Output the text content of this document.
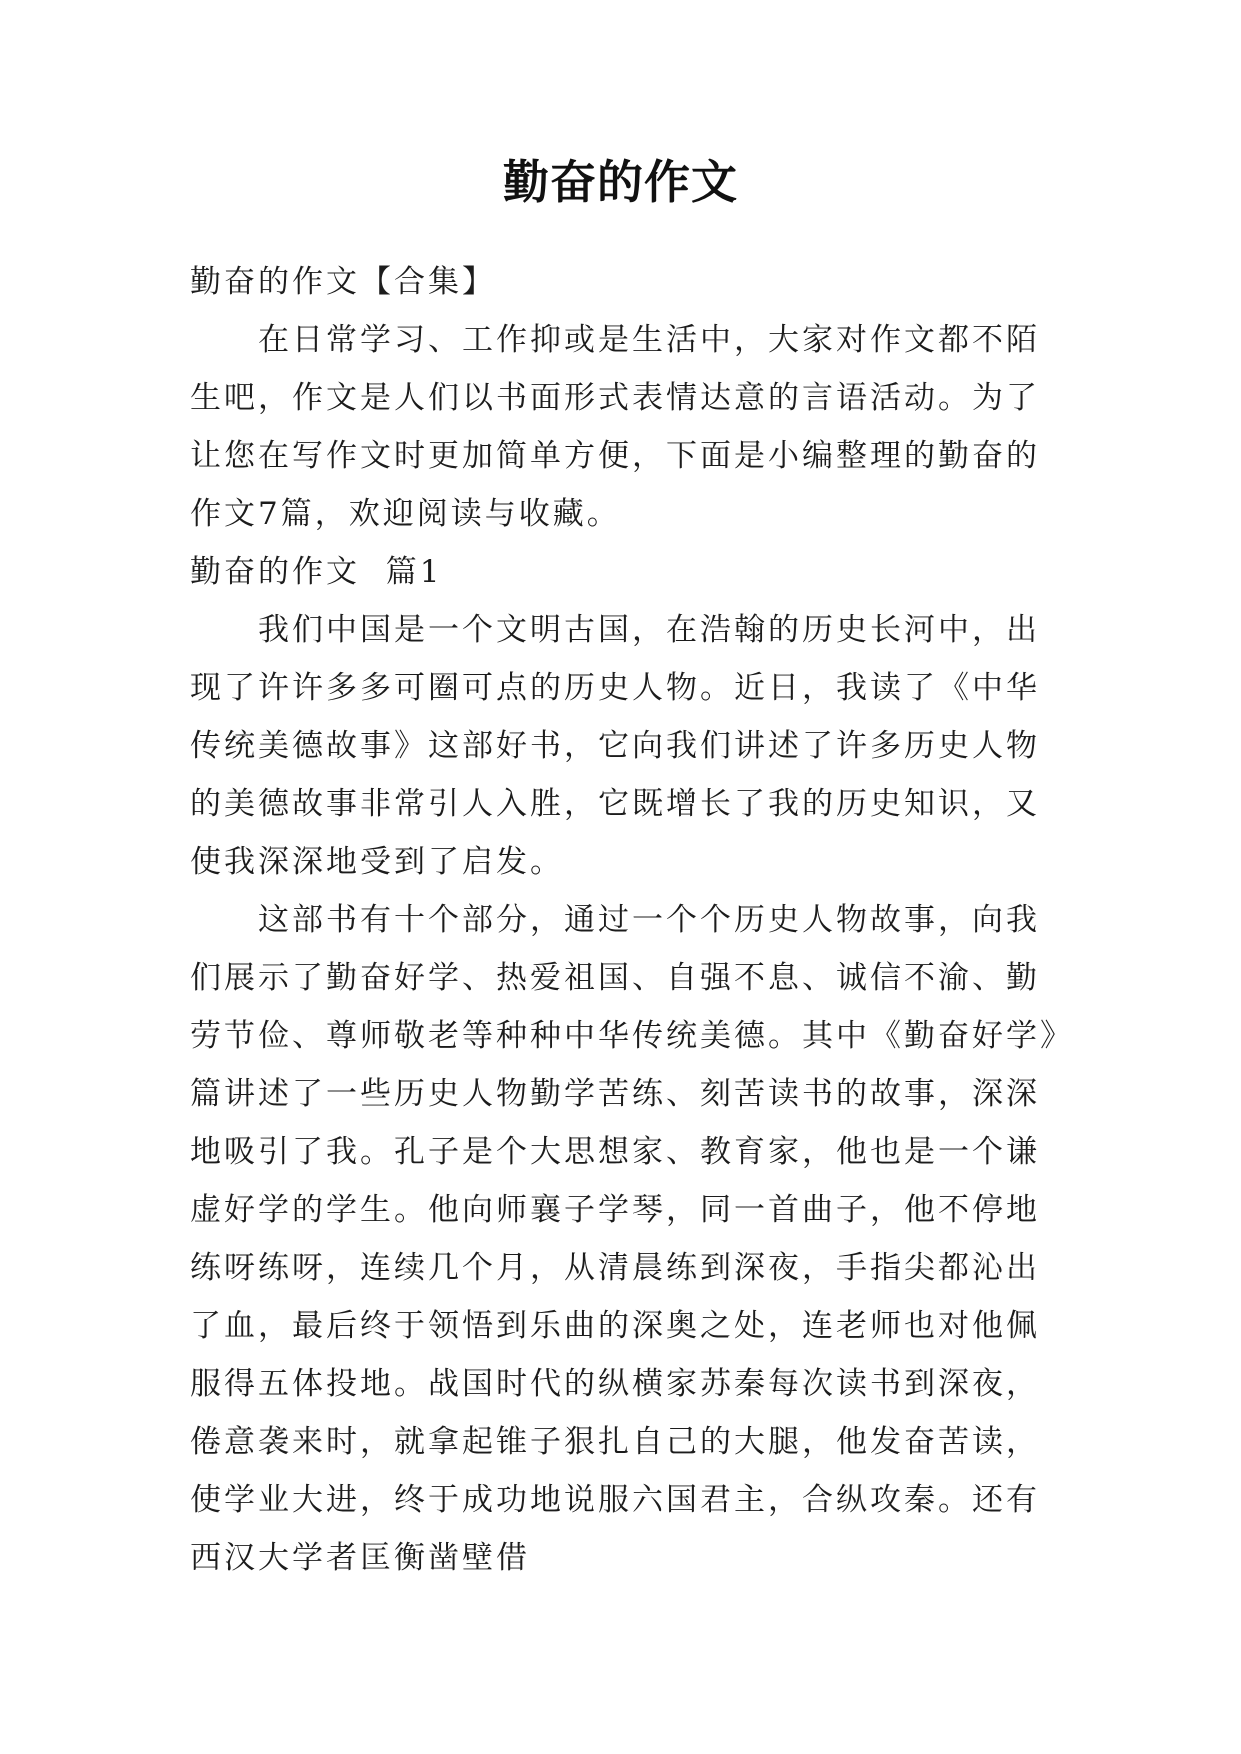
勤奋的作文

勤奋的作文【合集】

在日常学习、工作抑或是生活中，大家对作文都不陌生吧，作文是人们以书面形式表情达意的言语活动。为了让您在写作文时更加简单方便，下面是小编整理的勤奋的作文7篇，欢迎阅读与收藏。

勤奋的作文  篇1

我们中国是一个文明古国，在浩翰的历史长河中，出现了许许多多可圈可点的历史人物。近日，我读了《中华传统美德故事》这部好书，它向我们讲述了许多历史人物的美德故事非常引人入胜，它既增长了我的历史知识，又使我深深地受到了启发。

这部书有十个部分，通过一个个历史人物故事，向我们展示了勤奋好学、热爱祖国、自强不息、诚信不渝、勤劳节俭、尊师敬老等种种中华传统美德。其中《勤奋好学》篇讲述了一些历史人物勤学苦练、刻苦读书的故事，深深地吸引了我。孔子是个大思想家、教育家，他也是一个谦虚好学的学生。他向师襄子学琴，同一首曲子，他不停地练呀练呀，连续几个月，从清晨练到深夜，手指尖都沁出了血，最后终于领悟到乐曲的深奥之处，连老师也对他佩服得五体投地。战国时代的纵横家苏秦每次读书到深夜，倦意袭来时，就拿起锥子狠扎自己的大腿，他发奋苦读，使学业大进，终于成功地说服六国君主，合纵攻秦。还有西汉大学者匡衡凿壁借
